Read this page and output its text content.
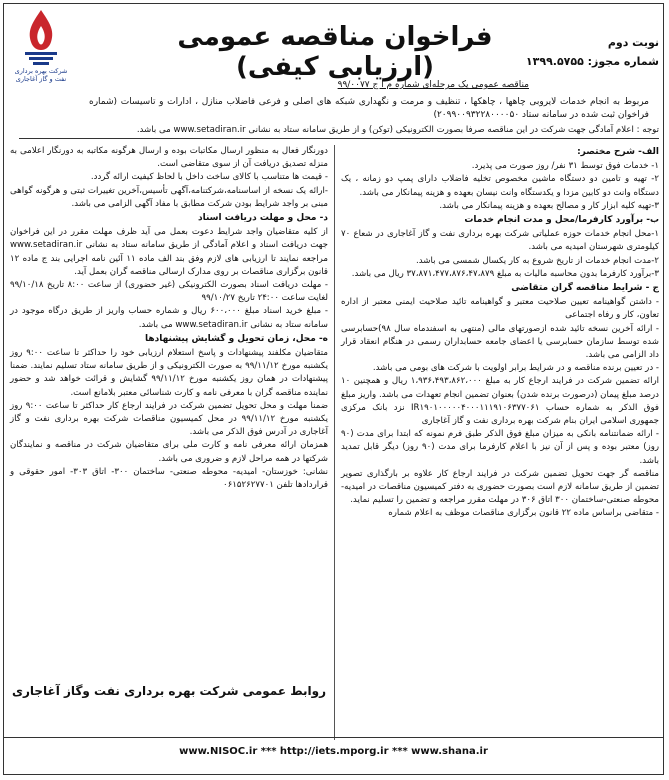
شرکت بهره برداری نفت و گاز آغاجاری
نوبت دوم
شماره مجوز: ۱۳۹۹.۵۷۵۵
فراخوان مناقصه عمومی (ارزیابی کیفی)
مناقصه عمومی یک مرحله‌ای شماره م ا ج ۹۹/۰۰۷۷
مربوط به انجام خدمات لایروبی چاهها ، چاهکها ، تنظیف و مرمت و نگهداری شبکه های اصلی و فرعی فاضلاب منازل ، ادارات و تاسیسات (شماره فراخوان ثبت شده در سامانه ستاد ۲۰۹۹۰۰۹۳۲۲۸۰۰۰۰۵۰)
توجه : اعلام آمادگی جهت شرکت در این مناقصه صرفا بصورت الکترونیکی (توکن) و از طریق سامانه ستاد به نشانی www.setadiran.ir می باشد.
الف- شرح مختصر:

۱- خدمات فوق توسط ۳۱ نفر/ روز صورت می پذیرد.

۲- تهیه و تامین دو دستگاه ماشین مخصوص تخلیه فاضلاب دارای پمپ دو زمانه ، یک دستگاه وانت دو کابین مزدا و یکدستگاه وانت نیسان بعهده و هزینه پیمانکار می باشد.

۳-تهیه کلیه ابزار کار و مصالح بعهده و هزینه پیمانکار می باشد.

ب- برآورد کارفرما/محل و مدت انجام خدمات

۱-محل انجام خدمات حوزه عملیاتی شرکت بهره برداری نفت و گاز آغاجاری در شعاع ۷۰ کیلومتری شهرستان امیدیه می باشد.

۲-مدت انجام خدمات از تاریخ شروع به کار یکسال شمسی می باشد.

۳-برآورد کارفرما بدون محاسبه مالیات به مبلغ ۳۷،۸۷۱،۴۷۷،۸۷۶،۴۷،۸۷۹ ریال می باشد.

ج - شرایط مناقصه گران متقاضی

- داشتن گواهینامه تعیین صلاحیت معتبر و گواهینامه تائید صلاحیت ایمنی معتبر از اداره تعاون، کار و رفاه اجتماعی

- ارائه آخرین نسخه تائید شده ازصورتهای مالی (منتهی به اسفندماه سال ۹۸)حسابرسی شده توسط سازمان حسابرسی یا اعضای جامعه حسابداران رسمی در هنگام انعقاد قرار داد الزامی می باشد.

- در تعیین برنده مناقصه و در شرایط برابر اولویت با شرکت های بومی می باشد.

ارائه تضمین شرکت در فرایند ارجاع کار به مبلغ ۱،۹۳۶،۴۹۳،۸۶۲،۰۰۰ ریال و همچنین ۱۰ درصد مبلغ پیمان (درصورت برنده شدن) بعنوان تضمین انجام تعهدات می باشد. واریز مبلغ فوق الذکر به شماره حساب IR۱۹۰۱۰۰۰۰۰۴۰۰۰۱۱۱۹۱۰۶۳۷۷۰۶۱ نزد بانک مرکزی جمهوری اسلامی ایران بنام شرکت بهره برداری نفت و گاز آغاجاری

- ارائه ضمانتنامه بانکی به میزان مبلغ فوق الذکر طبق فرم نمونه که ابتدا برای مدت (۹۰ روز) معتبر بوده و پس از آن نیز با اعلام کارفرما برای مدت (۹۰ روز) دیگر قابل تمدید باشد.

مناقصه گر جهت تحویل تضمین شرکت در فرایند ارجاع کار علاوه بر بارگذاری تصویر تضمین از طریق سامانه لازم است بصورت حضوری به دفتر کمیسیون مناقصات در امیدیه-محوطه صنعتی-ساختمان ۳۰۰ اتاق ۳۰۶ در مهلت مقرر مراجعه و تضمین را تسلیم نماید.

- متقاضی براساس ماده ۲۲ قانون برگزاری مناقصات موظف به اعلام شماره

دورنگار فعال به منظور ارسال مکاتبات بوده و ارسال هرگونه مکاتبه به دورنگار اعلامی به منزله تصدیق دریافت آن از سوی متقاضی است.

- قیمت ها متناسب با کالای ساخت داخل با لحاظ کیفیت ارائه گردد.

-ارائه یک نسخه از اساسنامه،شرکتنامه،آگهی تأسیس،آخرین تغییرات ثبتی و هرگونه گواهی مبنی بر واجد شرایط بودن شرکت مطابق با مفاد آگهی الزامی می باشد.

د- محل و مهلت دریافت اسناد

از کلیه متقاضیان واجد شرایط دعوت بعمل می آید ظرف مهلت مقرر در این فراخوان جهت دریافت اسناد و اعلام آمادگی از طریق سامانه ستاد به نشانی www.setadiran.ir مراجعه نمایند تا ارزیابی های لازم وفق بند الف ماده ۱۱ آئین نامه اجرایی بند ج ماده ۱۲ قانون برگزاری مناقصات بر روی مدارک ارسالی مناقصه گران بعمل آید.

- مهلت دریافت اسناد بصورت الکترونیکی (غیر حضوری) از ساعت ۸:۰۰ تاریخ ۹۹/۱۰/۱۸ لغایت ساعت ۲۴:۰۰ تاریخ ۹۹/۱۰/۲۷

- مبلغ خرید اسناد مبلغ ۶۰۰،۰۰۰ ریال و شماره حساب واریز از طریق درگاه موجود در سامانه ستاد به نشانی www.setadiran.ir می باشد.

ه- محل، زمان تحویل و گشایش پیشنهادها

متقاضیان مکلفند پیشنهادات و پاسخ استعلام ارزیابی خود را حداکثر تا ساعت ۹:۰۰ روز یکشنبه مورخ ۹۹/۱۱/۱۲ به صورت الکترونیکی و از طریق سامانه ستاد تسلیم نمایند. ضمنا پیشنهادات در همان روز یکشنبه مورخ ۹۹/۱۱/۱۲ گشایش و قرائت خواهد شد و حضور نماینده مناقصه گران با معرفی نامه و کارت شناسائی معتبر بلامانع است.

ضمنا مهلت و محل تحویل تضمین شرکت در فرایند ارجاع کار حداکثر تا ساعت ۹:۰۰ روز یکشنبه مورخ ۹۹/۱۱/۱۲ در محل کمیسیون مناقصات شرکت بهره برداری نفت و گاز آغاجاری در آدرس فوق الذکر می باشد.

همزمان ارائه معرفی نامه و کارت ملی برای متقاضیان شرکت در مناقصه و نمایندگان شرکتها در همه مراحل لازم و ضروری می باشد.

نشانی: خوزستان- امیدیه- محوطه صنعتی- ساختمان ۳۰۰- اتاق ۳۰۳- امور حقوقی و قراردادها تلفن ۰۶۱۵۲۶۲۷۷۰۱

روابط عمومی شرکت بهره برداری نفت وگاز آغاجاری
www.NISOC.ir *** http://iets.mporg.ir *** www.shana.ir
